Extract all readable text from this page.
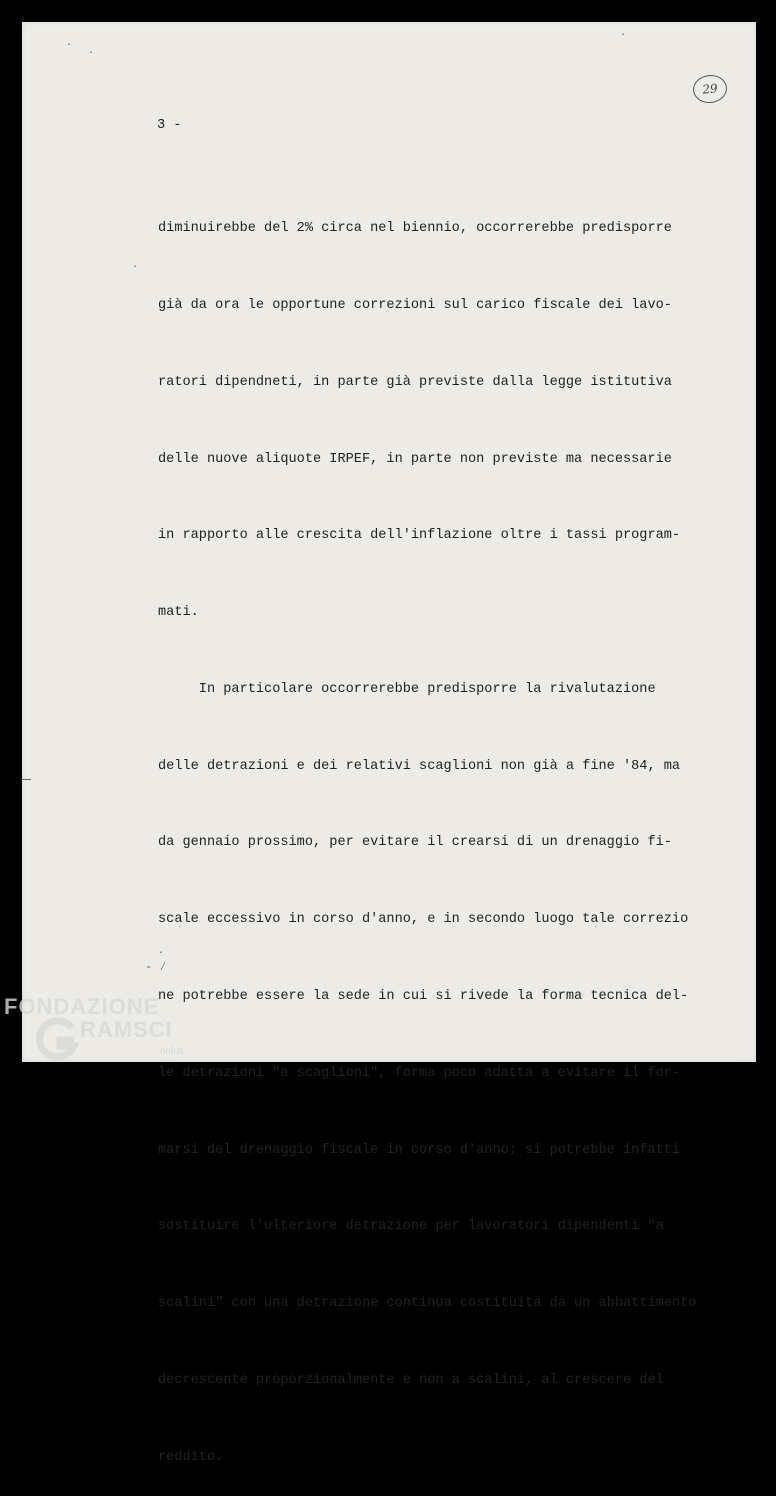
29
3 -

diminuirebbe del 2% circa nel biennio, occorrerebbe predisporre

già da ora le opportune correzioni sul carico fiscale dei lavo-

ratori dipendneti, in parte già previste dalla legge istitutiva

delle nuove aliquote IRPEF, in parte non previste ma necessarie

in rapporto alle crescita dell'inflazione oltre i tassi program-

mati.

In particolare occorrerebbe predisporre la rivalutazione

delle detrazioni e dei relativi scaglioni non già a fine '84, ma

da gennaio prossimo, per evitare il crearsi di un drenaggio fi-

scale eccessivo in corso d'anno, e in secondo luogo tale correzio

ne potrebbe essere la sede in cui si rivede la forma tecnica del-

le detrazioni "a scaglioni", forma poco adatta a evitare il for-

marsi del drenaggio fiscale in corso d'anno; si potrebbe infatti

sostituire l'ulteriore detrazione per lavoratori dipendenti "a

scalini" con una detrazione continua costituita da un abbattimento

decrescente proporzionalmente e non a scalini, al crescere del

reddito.

·
·
·
·
·
- ⁄
FONDAZIONE
RAMSCI
onlus
